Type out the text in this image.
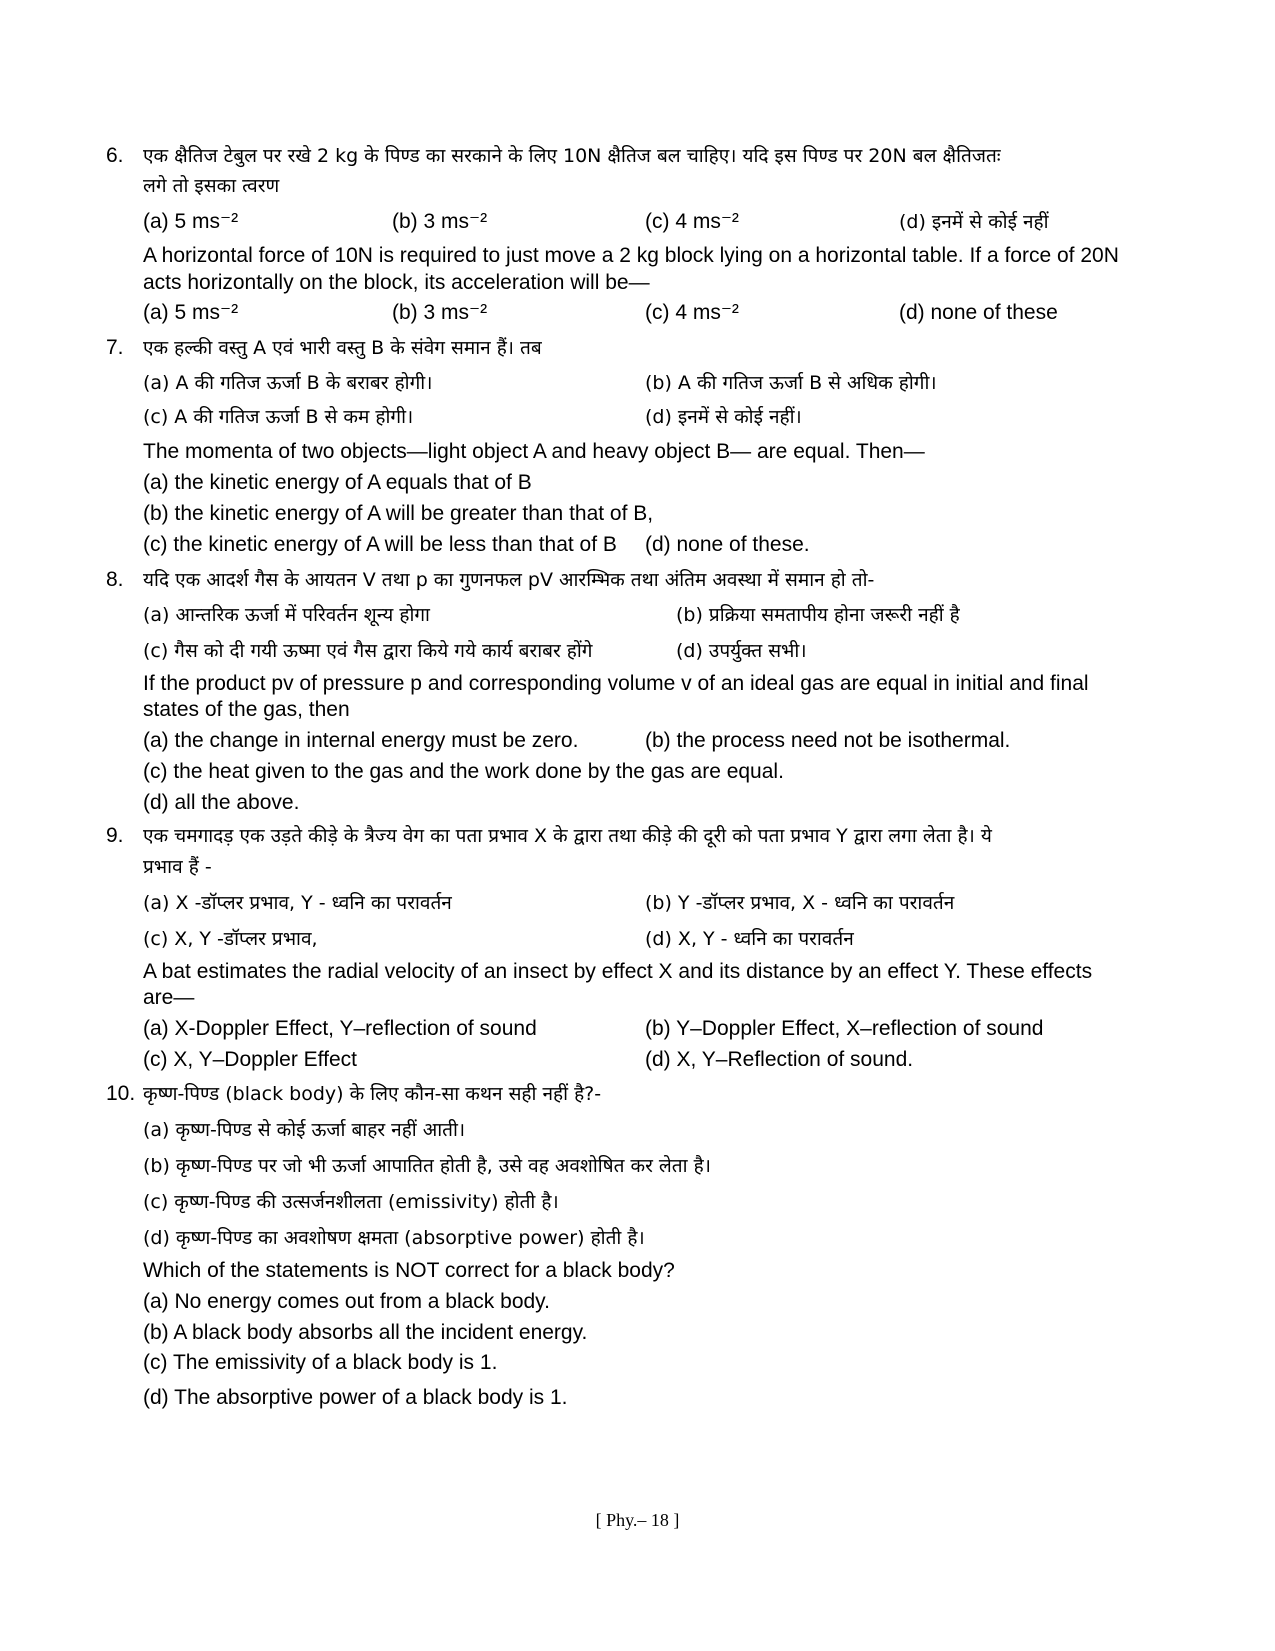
6. एक क्षैतिज टेबुल पर रखे 2 kg के पिण्ड का सरकाने के लिए 10N क्षैतिज बल चाहिए। यदि इस पिण्ड पर 20N बल क्षैतिजतः
लगे तो इसका त्वरण
(a) 5 ms⁻²	(b) 3 ms⁻²	(c) 4 ms⁻²	(d) इनमें से कोई नहीं
A horizontal force of 10N is required to just move a 2 kg block lying on a horizontal table. If a force of 20N
acts horizontally on the block, its acceleration will be—
(a) 5 ms⁻²	(b) 3 ms⁻²	(c) 4 ms⁻²	(d) none of these
7. एक हल्की वस्तु A एवं भारी वस्तु B के संवेग समान हैं। तब
(a) A की गतिज ऊर्जा B के बराबर होगी।	(b) A की गतिज ऊर्जा B से अधिक होगी।
(c) A की गतिज ऊर्जा B से कम होगी।	(d) इनमें से कोई नहीं।
The momenta of two objects—light object A and heavy object B— are equal. Then—
(a) the kinetic energy of A equals that of B
(b) the kinetic energy of A will be greater than that of B,
(c) the kinetic energy of A will be less than that of B (d) none of these.
8. यदि एक आदर्श गैस के आयतन V तथा p का गुणनफल pV आरम्भिक तथा अंतिम अवस्था में समान हो तो-
(a) आन्तरिक ऊर्जा में परिवर्तन शून्य होगा	(b) प्रक्रिया समतापीय होना जरूरी नहीं है
(c) गैस को दी गयी ऊष्मा एवं गैस द्वारा किये गये कार्य बराबर होंगे	(d) उपर्युक्त सभी।
If the product pv of pressure p and corresponding volume v of an ideal gas are equal in initial and final
states of the gas, then
(a) the change in internal energy must be zero.	(b) the process need not be isothermal.
(c) the heat given to the gas and the work done by the gas are equal.
(d) all the above.
9. एक चमगादड़ एक उड़ते कीड़े के त्रैज्य वेग का पता प्रभाव X के द्वारा तथा कीड़े की दूरी को पता प्रभाव Y द्वारा लगा लेता है। ये
प्रभाव हैं -
(a) X -डॉप्लर प्रभाव, Y - ध्वनि का परावर्तन	(b) Y -डॉप्लर प्रभाव, X - ध्वनि का परावर्तन
(c) X, Y -डॉप्लर प्रभाव,	(d) X, Y - ध्वनि का परावर्तन
A bat estimates the radial velocity of an insect by effect X and its distance by an effect Y. These effects
are—
(a) X-Doppler Effect, Y–reflection of sound	(b) Y–Doppler Effect, X–reflection of sound
(c) X, Y–Doppler Effect	(d) X, Y–Reflection of sound.
10. कृष्ण-पिण्ड (black body) के लिए कौन-सा कथन सही नहीं है?-
(a) कृष्ण-पिण्ड से कोई ऊर्जा बाहर नहीं आती।
(b) कृष्ण-पिण्ड पर जो भी ऊर्जा आपातित होती है, उसे वह अवशोषित कर लेता है।
(c) कृष्ण-पिण्ड की उत्सर्जनशीलता (emissivity) होती है।
(d) कृष्ण-पिण्ड का अवशोषण क्षमता (absorptive power) होती है।
Which of the statements is NOT correct for a black body?
(a) No energy comes out from a black body.
(b) A black body absorbs all the incident energy.
(c) The emissivity of a black body is 1.
(d) The absorptive power of a black body is 1.
[ Phy.– 18 ]
